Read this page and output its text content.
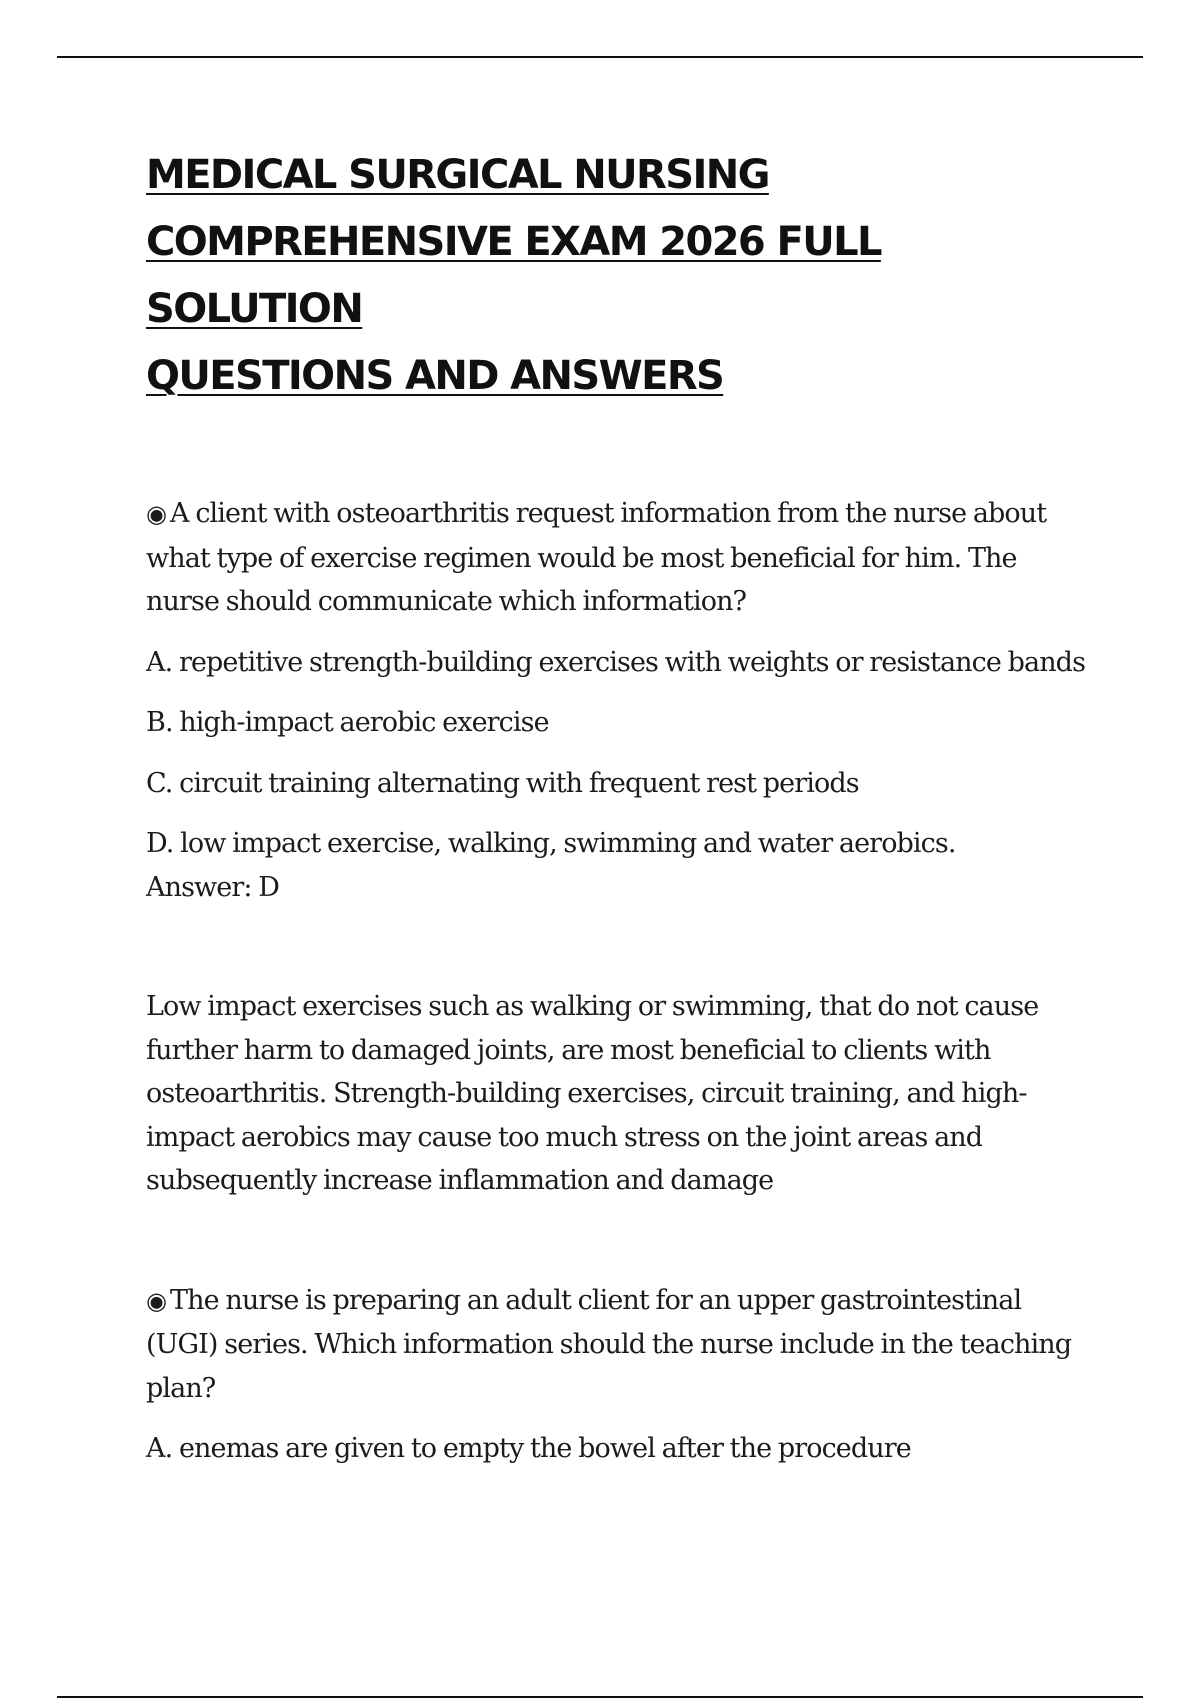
MEDICAL SURGICAL NURSING
COMPREHENSIVE EXAM 2026 FULL SOLUTION
QUESTIONS AND ANSWERS

◉ A client with osteoarthritis request information from the nurse about what type of exercise regimen would be most beneficial for him. The nurse should communicate which information?

A. repetitive strength-building exercises with weights or resistance bands

B. high-impact aerobic exercise

C. circuit training alternating with frequent rest periods

D. low impact exercise, walking, swimming and water aerobics.
Answer: D

Low impact exercises such as walking or swimming, that do not cause further harm to damaged joints, are most beneficial to clients with osteoarthritis. Strength-building exercises, circuit training, and high-impact aerobics may cause too much stress on the joint areas and subsequently increase inflammation and damage

◉ The nurse is preparing an adult client for an upper gastrointestinal (UGI) series. Which information should the nurse include in the teaching plan?

A. enemas are given to empty the bowel after the procedure
